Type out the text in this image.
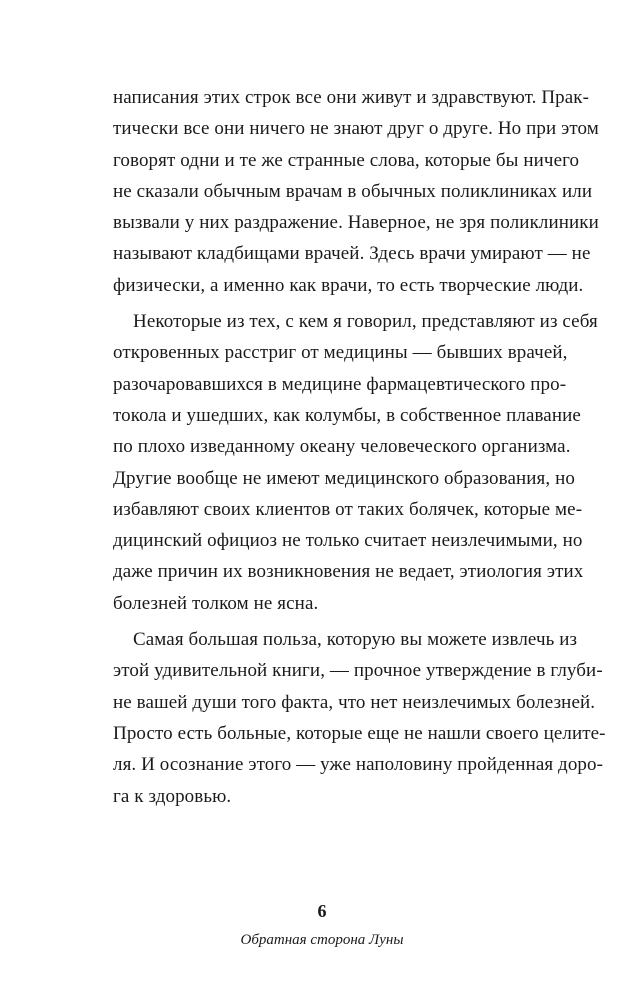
написания этих строк все они живут и здравствуют. Прак-
тически все они ничего не знают друг о друге. Но при этом
говорят одни и те же странные слова, которые бы ничего
не сказали обычным врачам в обычных поликлиниках или
вызвали у них раздражение. Наверное, не зря поликлиники
называют кладбищами врачей. Здесь врачи умирают — не
физически, а именно как врачи, то есть творческие люди.
Некоторые из тех, с кем я говорил, представляют из себя
откровенных расстриг от медицины — бывших врачей,
разочаровавшихся в медицине фармацевтического про-
токола и ушедших, как колумбы, в собственное плавание
по плохо изведанному океану человеческого организма.
Другие вообще не имеют медицинского образования, но
избавляют своих клиентов от таких болячек, которые ме-
дицинский официоз не только считает неизлечимыми, но
даже причин их возникновения не ведает, этиология этих
болезней толком не ясна.
Самая большая польза, которую вы можете извлечь из
этой удивительной книги, — прочное утверждение в глуби-
не вашей души того факта, что нет неизлечимых болезней.
Просто есть больные, которые еще не нашли своего целите-
ля. И осознание этого — уже наполовину пройденная доро-
га к здоровью.
6
Обратная сторона Луны
